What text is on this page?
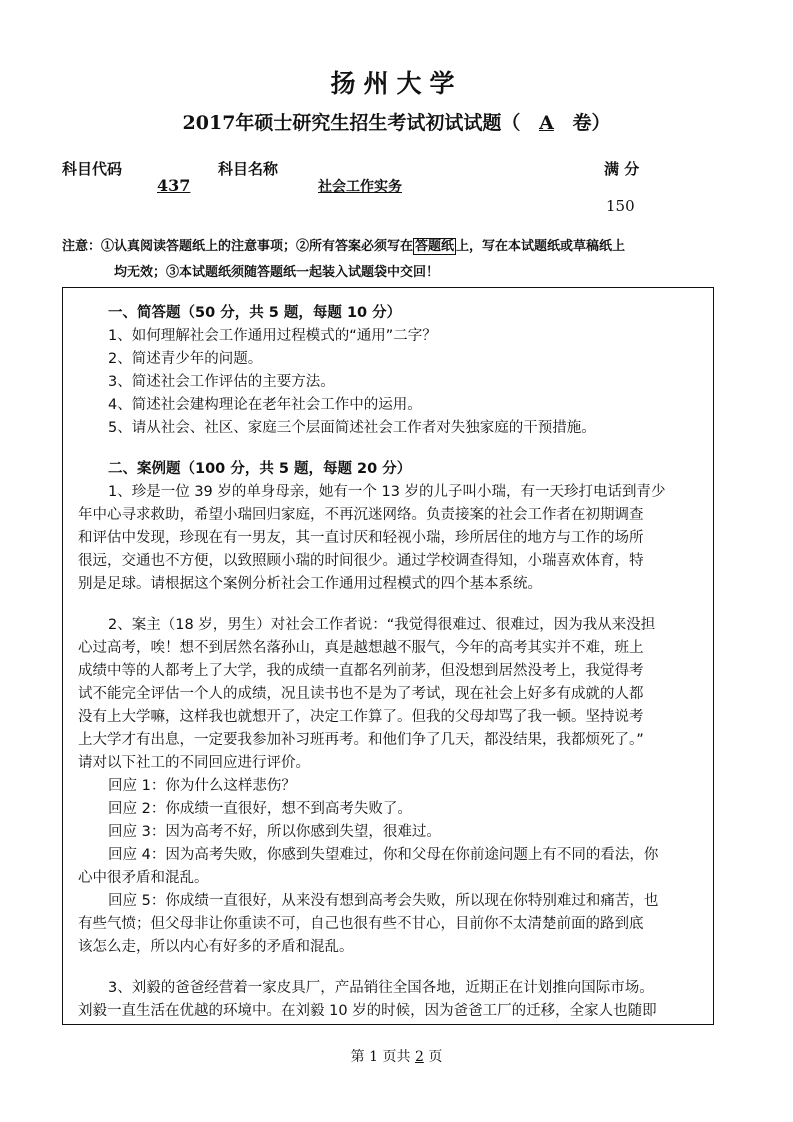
扬州大学
2017年硕士研究生招生考试初试试题（ A 卷）
科目代码
437
科目名称
社会工作实务
满 分
150
注意：①认真阅读答题纸上的注意事项；②所有答案必须写在 答题纸 上，写在本试题纸或草稿纸上
均无效；③本试题纸须随答题纸一起装入试题袋中交回！
一、简答题（50 分，共 5 题，每题 10 分）
1、如何理解社会工作通用过程模式的“通用”二字？
2、简述青少年的问题。
3、简述社会工作评估的主要方法。
4、简述社会建构理论在老年社会工作中的运用。
5、请从社会、社区、家庭三个层面简述社会工作者对失独家庭的干预措施。
二、案例题（100 分，共 5 题，每题 20 分）
1、珍是一位 39 岁的单身母亲，她有一个 13 岁的儿子叫小瑞，有一天珍打电话到青少
年中心寻求救助，希望小瑞回归家庭，不再沉迷网络。负责接案的社会工作者在初期调查
和评估中发现，珍现在有一男友，其一直讨厌和轻视小瑞，珍所居住的地方与工作的场所
很远，交通也不方便，以致照顾小瑞的时间很少。通过学校调查得知，小瑞喜欢体育，特
别是足球。请根据这个案例分析社会工作通用过程模式的四个基本系统。
2、案主（18 岁，男生）对社会工作者说：“我觉得很难过、很难过，因为我从来没担
心过高考，唉！想不到居然名落孙山，真是越想越不服气，今年的高考其实并不难，班上
成绩中等的人都考上了大学，我的成绩一直都名列前茅，但没想到居然没考上，我觉得考
试不能完全评估一个人的成绩，况且读书也不是为了考试，现在社会上好多有成就的人都
没有上大学嘛，这样我也就想开了，决定工作算了。但我的父母却骂了我一顿。坚持说考
上大学才有出息，一定要我参加补习班再考。和他们争了几天，都没结果，我都烦死了。”
请对以下社工的不同回应进行评价。
回应 1：你为什么这样悲伤？
回应 2：你成绩一直很好，想不到高考失败了。
回应 3：因为高考不好，所以你感到失望，很难过。
回应 4：因为高考失败，你感到失望难过，你和父母在你前途问题上有不同的看法，你
心中很矛盾和混乱。
回应 5：你成绩一直很好，从来没有想到高考会失败，所以现在你特别难过和痛苦，也
有些气愤；但父母非让你重读不可，自己也很有些不甘心，目前你不太清楚前面的路到底
该怎么走，所以内心有好多的矛盾和混乱。
3、刘毅的爸爸经营着一家皮具厂，产品销往全国各地，近期正在计划推向国际市场。
刘毅一直生活在优越的环境中。在刘毅 10 岁的时候，因为爸爸工厂的迁移，全家人也随即
第 1 页共 2 页
